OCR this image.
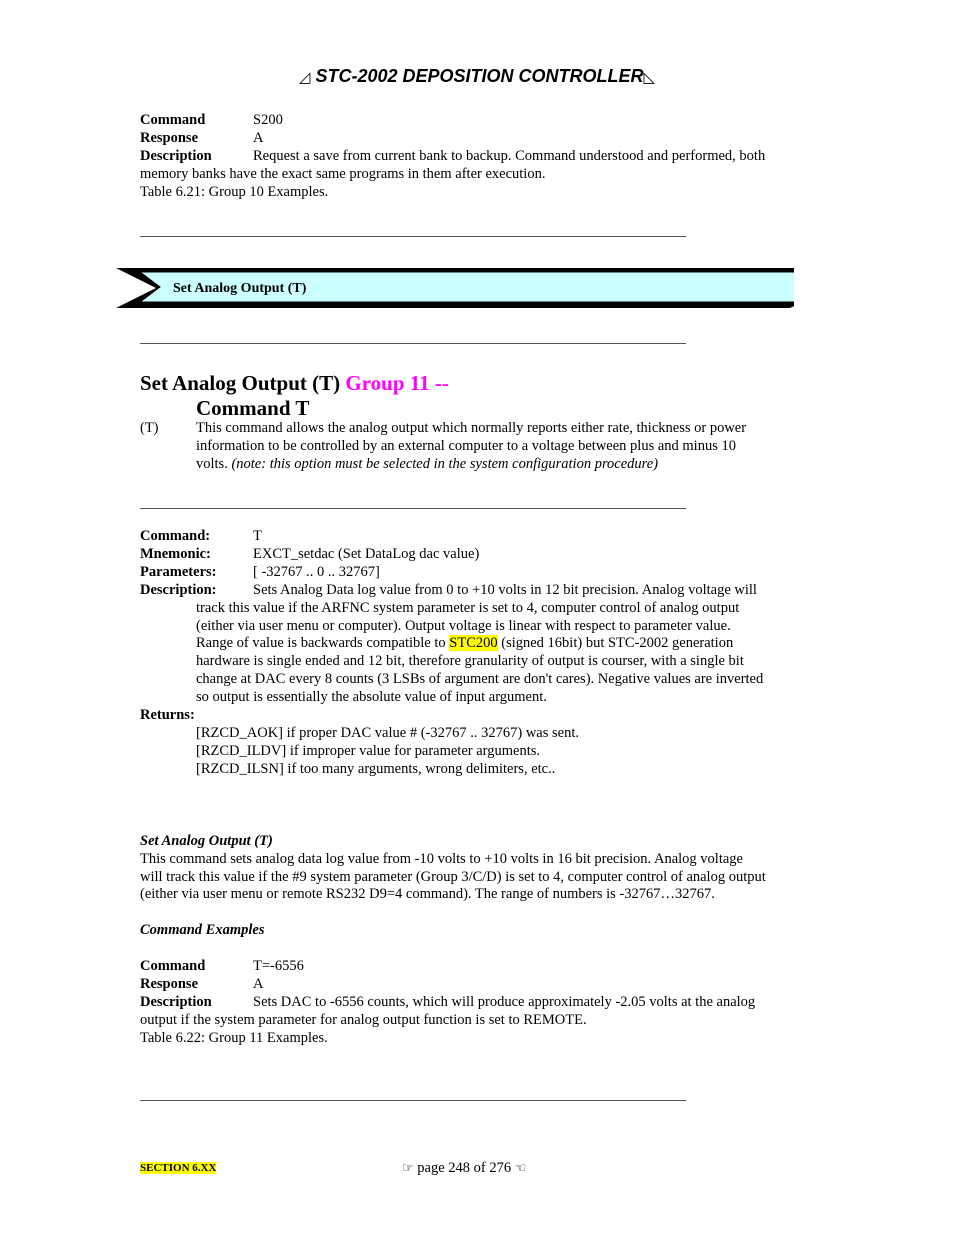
◿ STC-2002 DEPOSITION CONTROLLER◺
Command	S200
Response	A
Description	Request a save from current bank to backup. Command understood and performed, both
memory banks have the exact same programs in them after execution.
Table 6.21: Group 10 Examples.
Set Analog Output (T)
Set Analog Output (T) Group 11 --
Command T
(T)	This command allows the analog output which normally reports either rate, thickness or power
information to be controlled by an external computer to a voltage between plus and minus 10
volts. (note: this option must be selected in the system configuration procedure)
Command:	T
Mnemonic:	EXCT_setdac (Set DataLog dac value)
Parameters:	[ -32767 .. 0 .. 32767]
Description:	Sets Analog Data log value from 0 to +10 volts in 12 bit precision. Analog voltage will
track this value if the ARFNC system parameter is set to 4, computer control of analog output
(either via user menu or computer). Output voltage is linear with respect to parameter value.
Range of value is backwards compatible to STC200 (signed 16bit) but STC-2002 generation
hardware is single ended and 12 bit, therefore granularity of output is courser, with a single bit
change at DAC every 8 counts (3 LSBs of argument are don't cares). Negative values are inverted
so output is essentially the absolute value of input argument.
Returns:
[RZCD_AOK] if proper DAC value # (-32767 .. 32767) was sent.
[RZCD_ILDV] if improper value for parameter arguments.
[RZCD_ILSN] if too many arguments, wrong delimiters, etc..
Set Analog Output (T)
This command sets analog data log value from -10 volts to +10 volts in 16 bit precision. Analog voltage
will track this value if the #9 system parameter (Group 3/C/D) is set to 4, computer control of analog output
(either via user menu or remote RS232 D9=4 command). The range of numbers is -32767…32767.
Command Examples
Command	T=-6556
Response	A
Description	Sets DAC to -6556 counts, which will produce approximately -2.05 volts at the analog
output if the system parameter for analog output function is set to REMOTE.
Table 6.22: Group 11 Examples.
SECTION 6.XX	☞ page 248 of 276 ☜
